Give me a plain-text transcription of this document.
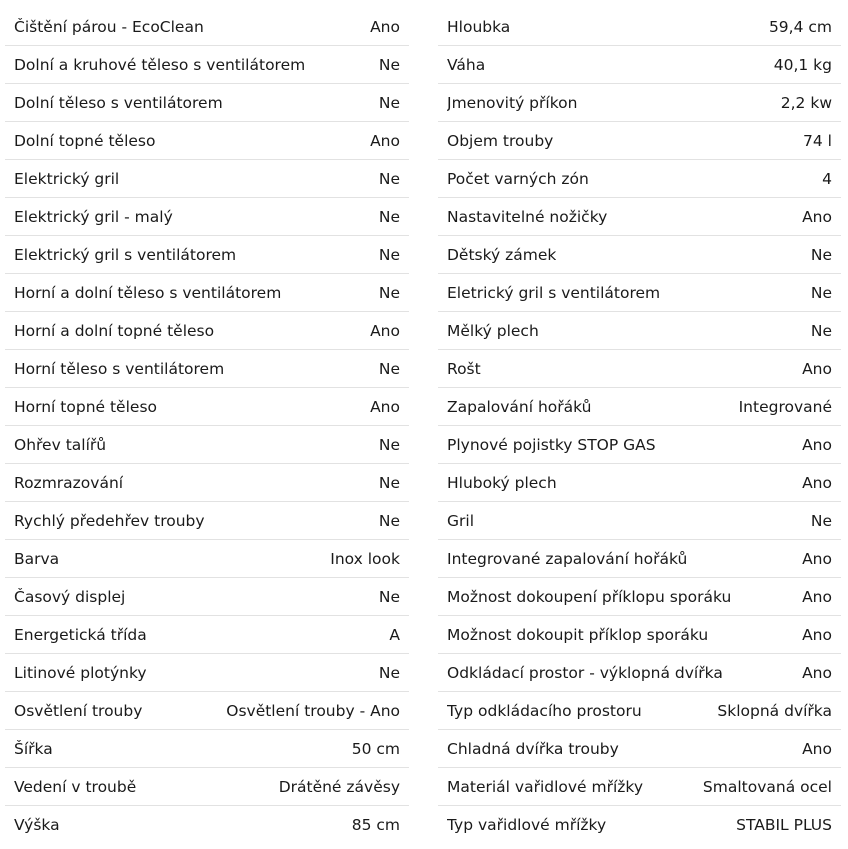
Čištění párou - EcoClean	Ano
Dolní a kruhové těleso s ventilátorem	Ne
Dolní těleso s ventilátorem	Ne
Dolní topné těleso	Ano
Elektrický gril	Ne
Elektrický gril - malý	Ne
Elektrický gril s ventilátorem	Ne
Horní a dolní těleso s ventilátorem	Ne
Horní a dolní topné těleso	Ano
Horní těleso s ventilátorem	Ne
Horní topné těleso	Ano
Ohřev talířů	Ne
Rozmrazování	Ne
Rychlý předehřev trouby	Ne
Barva	Inox look
Časový displej	Ne
Energetická třída	A
Litinové plotýnky	Ne
Osvětlení trouby	Osvětlení trouby - Ano
Šířka	50 cm
Vedení v troubě	Drátěné závěsy
Výška	85 cm
Hloubka	59,4 cm
Váha	40,1 kg
Jmenovitý příkon	2,2 kw
Objem trouby	74 l
Počet varných zón	4
Nastavitelné nožičky	Ano
Dětský zámek	Ne
Eletrický gril s ventilátorem	Ne
Mělký plech	Ne
Rošt	Ano
Zapalování hořáků	Integrované
Plynové pojistky STOP GAS	Ano
Hluboký plech	Ano
Gril	Ne
Integrované zapalování hořáků	Ano
Možnost dokoupení příklopu sporáku	Ano
Možnost dokoupit příklop sporáku	Ano
Odkládací prostor - výklopná dvířka	Ano
Typ odkládacího prostoru	Sklopná dvířka
Chladná dvířka trouby	Ano
Materiál vařidlové mřížky	Smaltovaná ocel
Typ vařidlové mřížky	STABIL PLUS
